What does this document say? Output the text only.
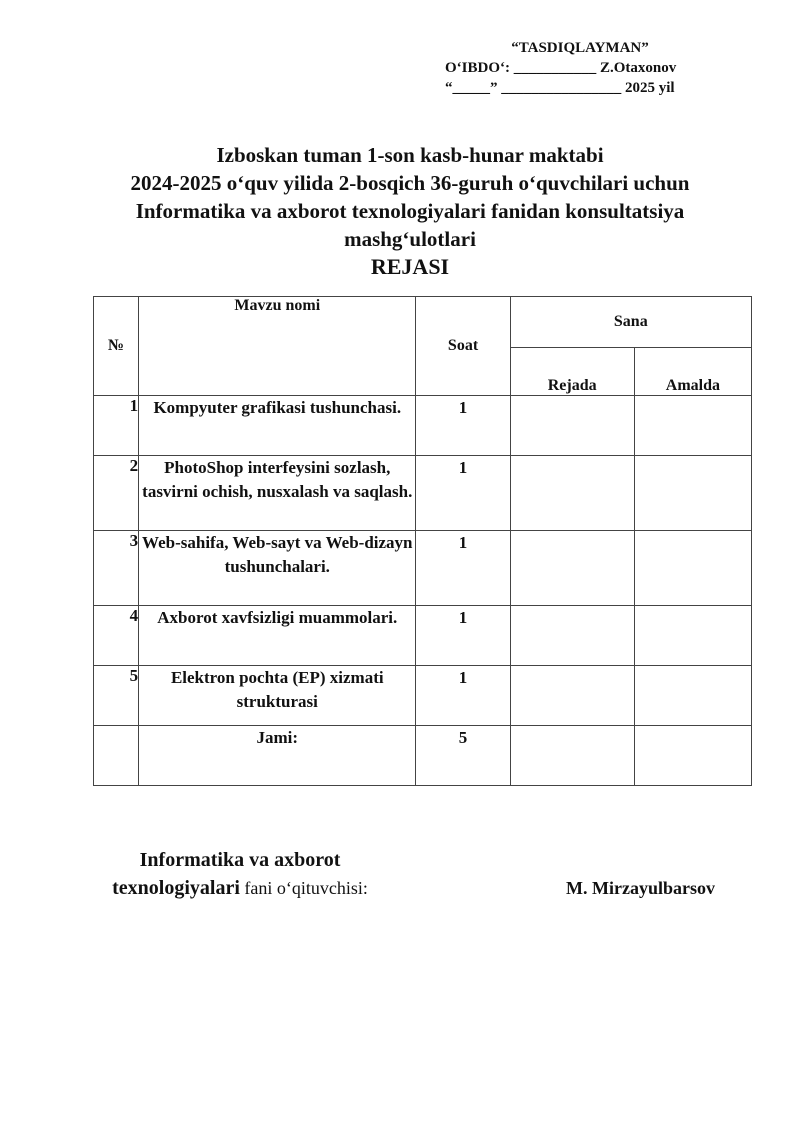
“TASDIQLAYMAN”
O‘IBDO‘: ___________ Z.Otaxonov
“_____” ________________ 2025 yil
Izboskan tuman 1-son kasb-hunar maktabi
2024-2025 o‘quv yilida 2-bosqich 36-guruh o‘quvchilari uchun
Informatika va axborot texnologiyalari fanidan konsultatsiya
mashg‘ulotlari
REJASI
№	Mavzu nomi	Soat	Sana	
			Rejada	Amalda
1	Kompyuter grafikasi tushunchasi.	1		
2	PhotoShop interfeysini sozlash, tasvirni ochish, nusxalash va saqlash.	1		
3	Web-sahifa, Web-sayt va Web-dizayn tushunchalari.	1		
4	Axborot xavfsizligi muammolari.	1		
5	Elektron pochta (EP) xizmati strukturasi	1		
	Jami:	5		
Informatika va axborot
texnologiyalari fani o‘qituvchisi:	M. Mirzayulbarsov
